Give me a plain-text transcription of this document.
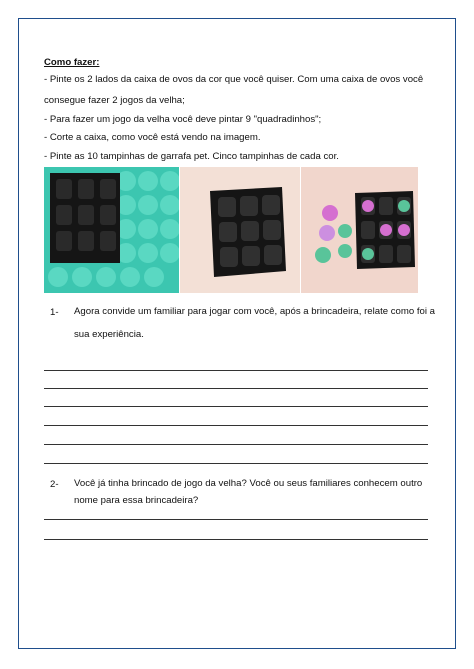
Como fazer:
- Pinte os 2 lados da caixa de ovos da cor que você quiser. Com uma caixa de ovos você
consegue fazer 2 jogos da velha;
- Para fazer um jogo da velha você deve pintar 9 "quadradinhos";
- Corte a caixa, como você está vendo na imagem.
- Pinte as 10 tampinhas de garrafa pet. Cinco tampinhas de cada cor.
1- Agora convide um familiar para jogar com você, após a brincadeira, relate como foi a
sua experiência.
2- Você já tinha brincado de jogo da velha? Você ou seus familiares conhecem outro
nome para essa brincadeira?
